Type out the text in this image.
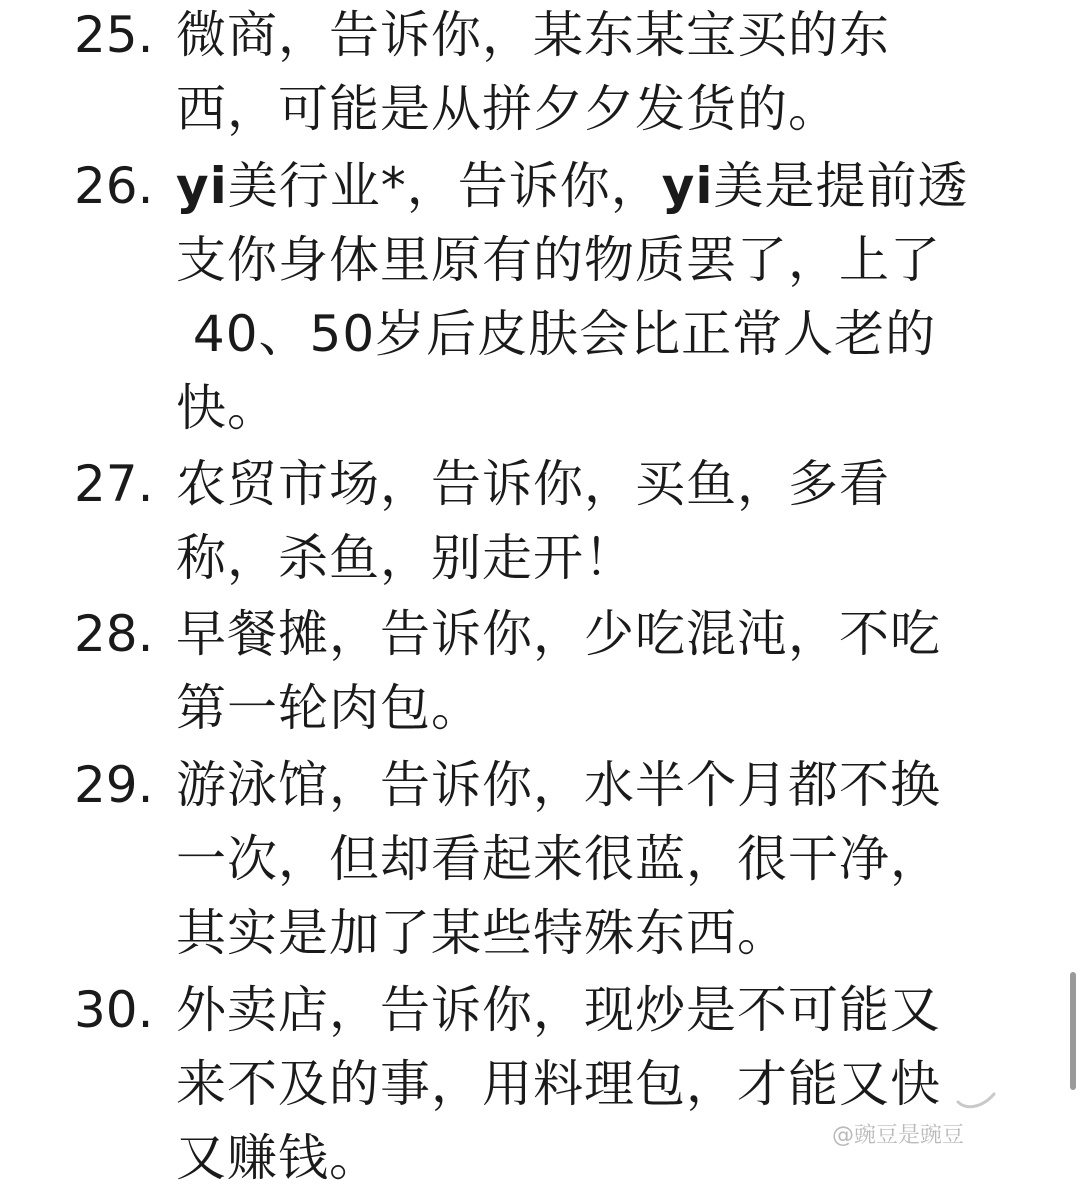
25. 微商，告诉你，某东某宝买的东
西，可能是从拼夕夕发货的。
26. yi美行业*，告诉你，yi美是提前透
支你身体里原有的物质罢了，上了
40、50岁后皮肤会比正常人老的
快。
27. 农贸市场，告诉你，买鱼，多看
称，杀鱼，别走开！
28. 早餐摊，告诉你，少吃混沌，不吃
第一轮肉包。
29. 游泳馆，告诉你，水半个月都不换
一次，但却看起来很蓝，很干净，
其实是加了某些特殊东西。
30. 外卖店，告诉你，现炒是不可能又
来不及的事，用料理包，才能又快
又赚钱。	@豌豆是豌豆
